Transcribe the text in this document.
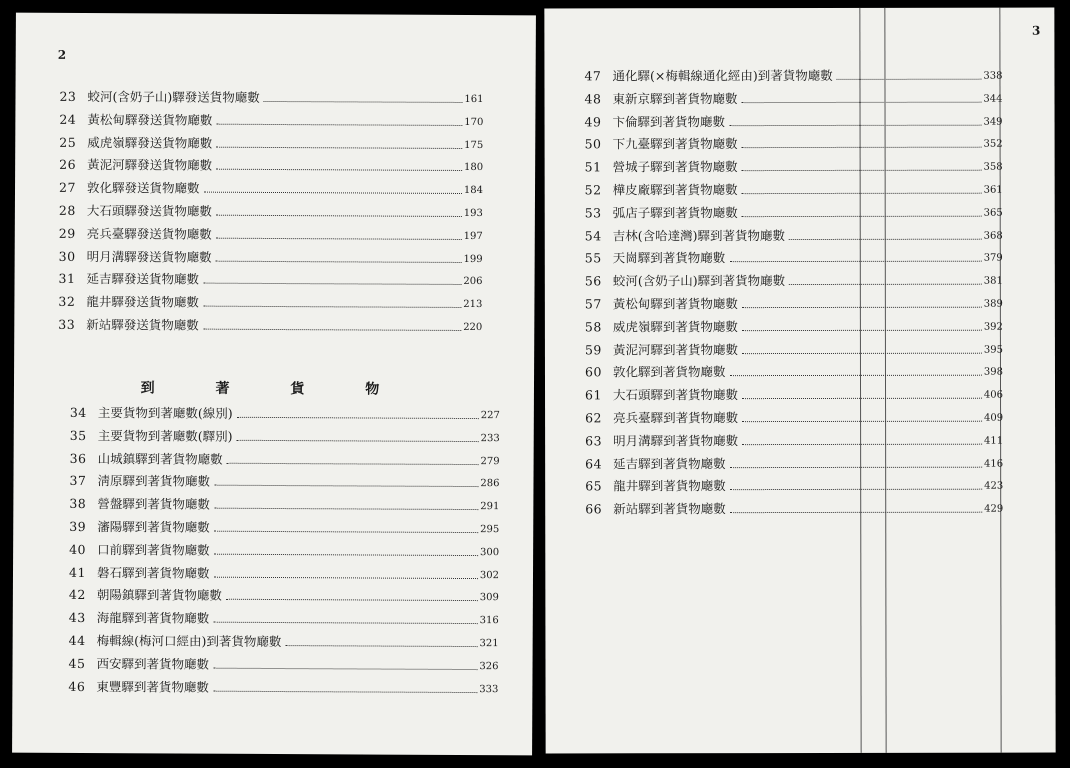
2
到 著 貨 物
23 蛟河(含奶子山)驛發送貨物廰數	161
24 黃松甸驛發送貨物廰數	170
25 威虎嶺驛發送貨物廰數	175
26 黃泥河驛發送貨物廰數	180
27 敦化驛發送貨物廰數	184
28 大石頭驛發送貨物廰數	193
29 亮兵臺驛發送貨物廰數	197
30 明月溝驛發送貨物廰數	199
31 延吉驛發送貨物廰數	206
32 龍井驛發送貨物廰數	213
33 新站驛發送貨物廰數	220
34 主要貨物到著廰數(線別)	227
35 主要貨物到著廰數(驛別)	233
36 山城鎮驛到著貨物廰數	279
37 淸原驛到著貨物廰數	286
38 營盤驛到著貨物廰數	291
39 瀋陽驛到著貨物廰數	295
40 口前驛到著貨物廰數	300
41 磐石驛到著貨物廰數	302
42 朝陽鎮驛到著貨物廰數	309
43 海龍驛到著貨物廰數	316
44 梅輯線(梅河口經由)到著貨物廰數	321
45 西安驛到著貨物廰數	326
46 東豐驛到著貨物廰數	333
3
47 通化驛(×梅輯線通化經由)到著貨物廰數	338
48 東新京驛到著貨物廰數	344
49 卞倫驛到著貨物廰數	349
50 下九臺驛到著貨物廰數	352
51 營城子驛到著貨物廰數	358
52 樺皮廠驛到著貨物廰數	361
53 弧店子驛到著貨物廰數	365
54 吉林(含哈達灣)驛到著貨物廰數	368
55 天崗驛到著貨物廰數	379
56 蛟河(含奶子山)驛到著貨物廰數	381
57 黃松甸驛到著貨物廰數	389
58 威虎嶺驛到著貨物廰數	392
59 黃泥河驛到著貨物廰數	395
60 敦化驛到著貨物廰數	398
61 大石頭驛到著貨物廰數	406
62 亮兵臺驛到著貨物廰數	409
63 明月溝驛到著貨物廰數	411
64 延吉驛到著貨物廰數	416
65 龍井驛到著貨物廰數	423
66 新站驛到著貨物廰數	429
